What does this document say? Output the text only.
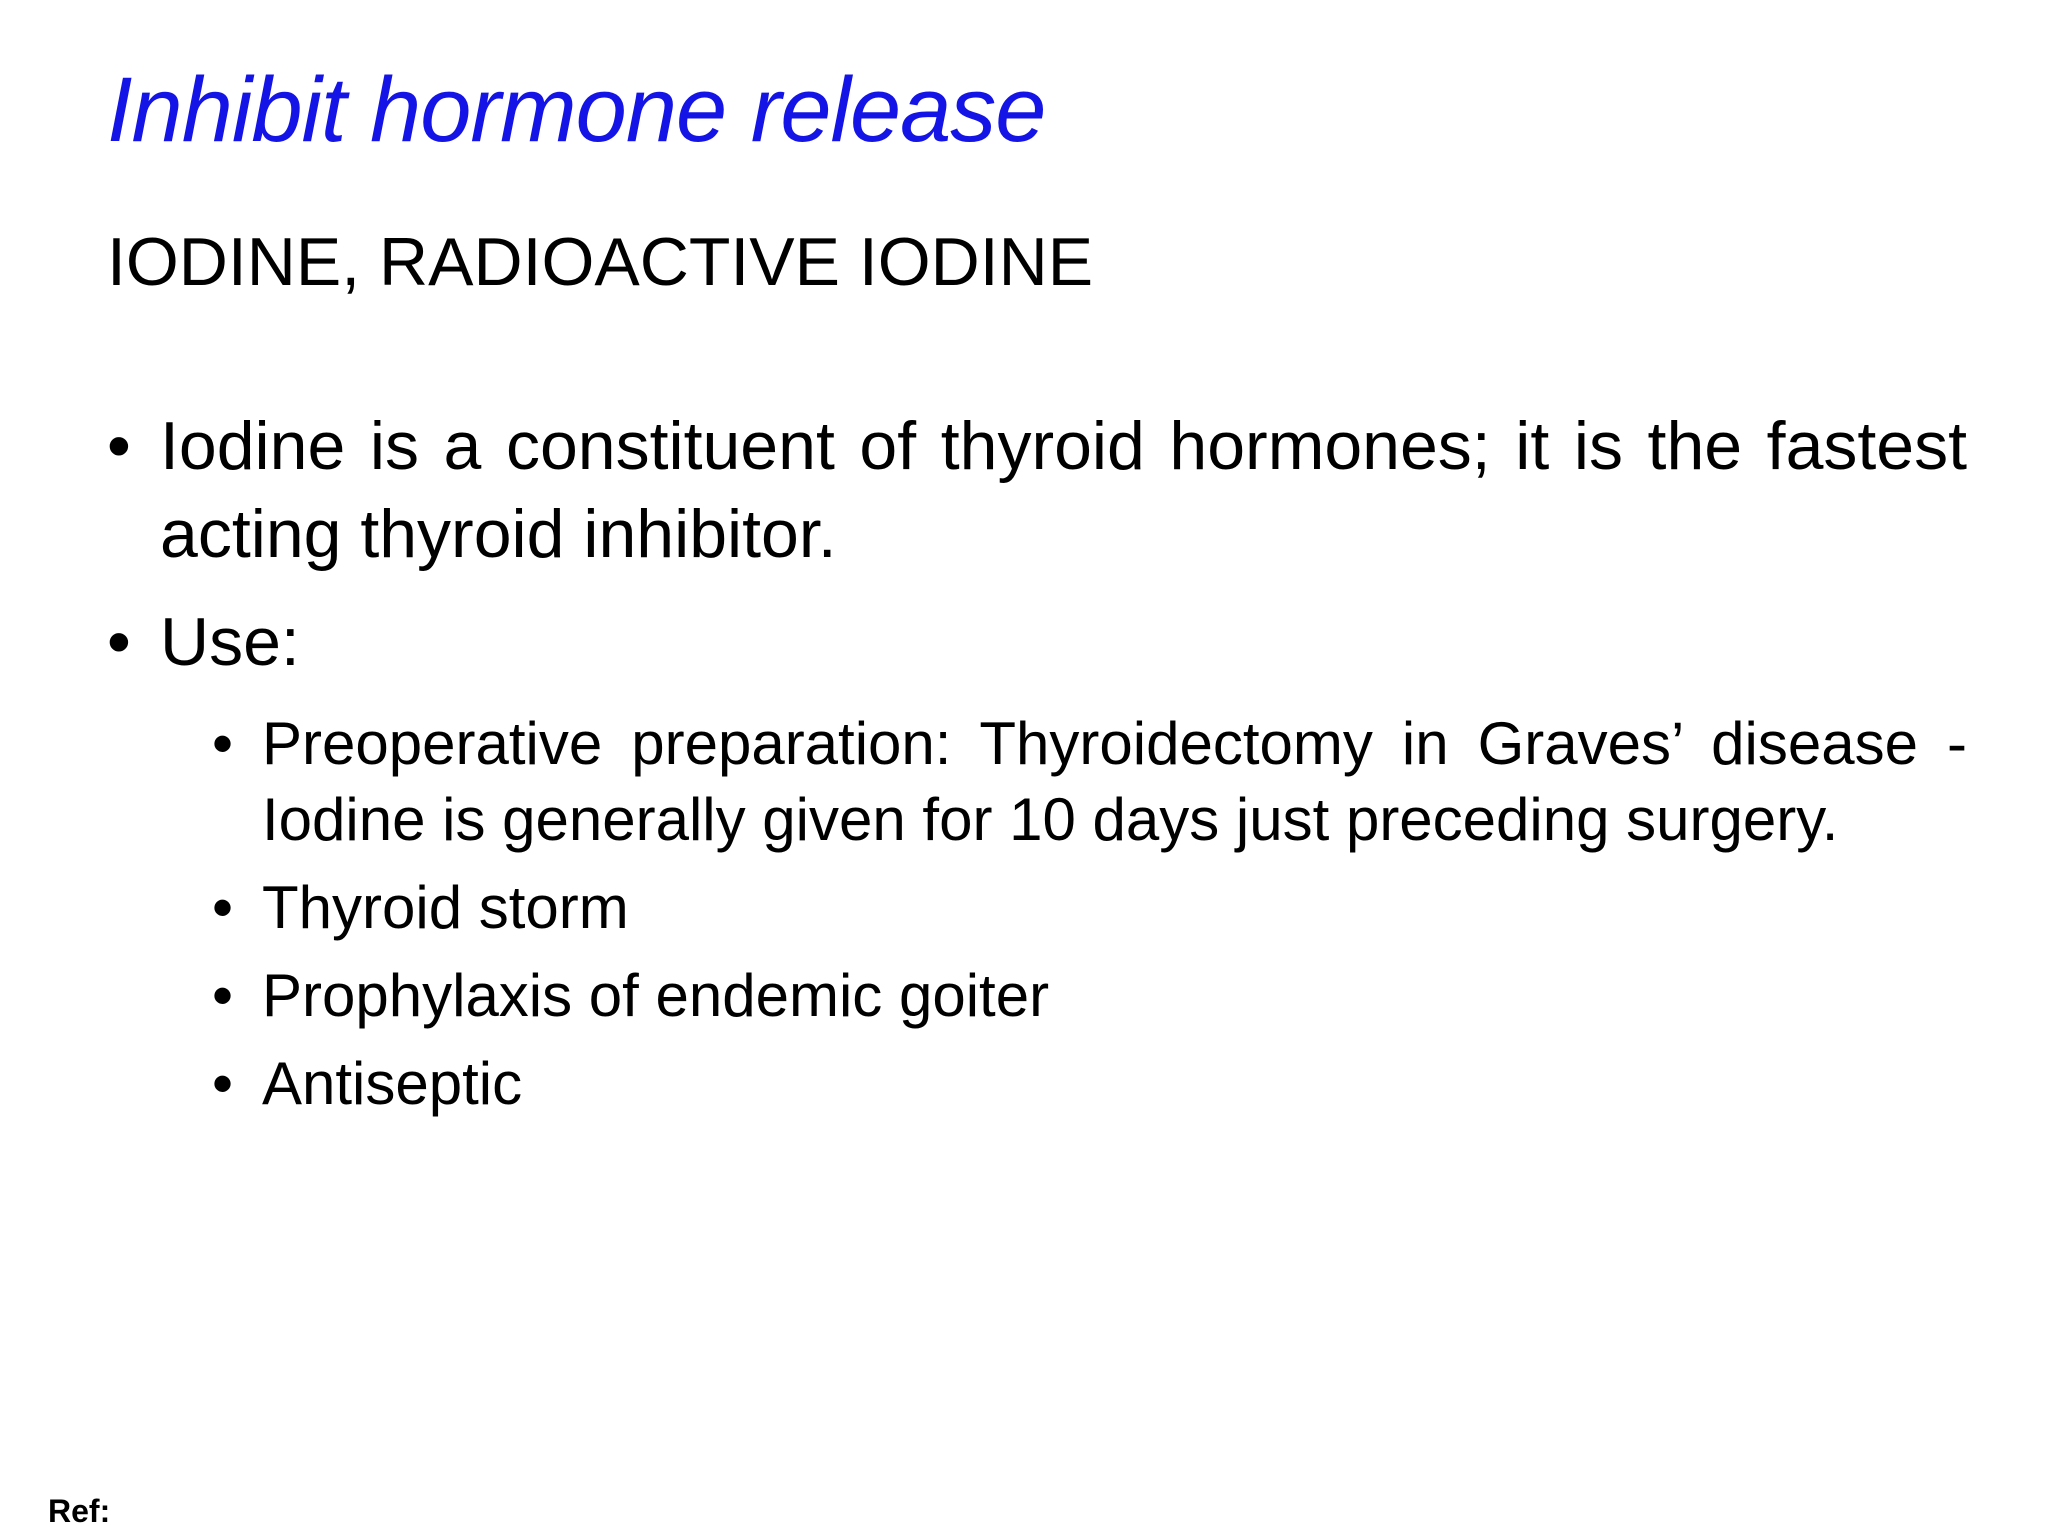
Inhibit hormone release
IODINE, RADIOACTIVE IODINE
• Iodine is a constituent of thyroid hormones; it is the fastest acting thyroid inhibitor.
• Use:
• Preoperative preparation: Thyroidectomy in Graves’ disease - Iodine is generally given for 10 days just preceding surgery.
• Thyroid storm
• Prophylaxis of endemic goiter
• Antiseptic
Ref:
